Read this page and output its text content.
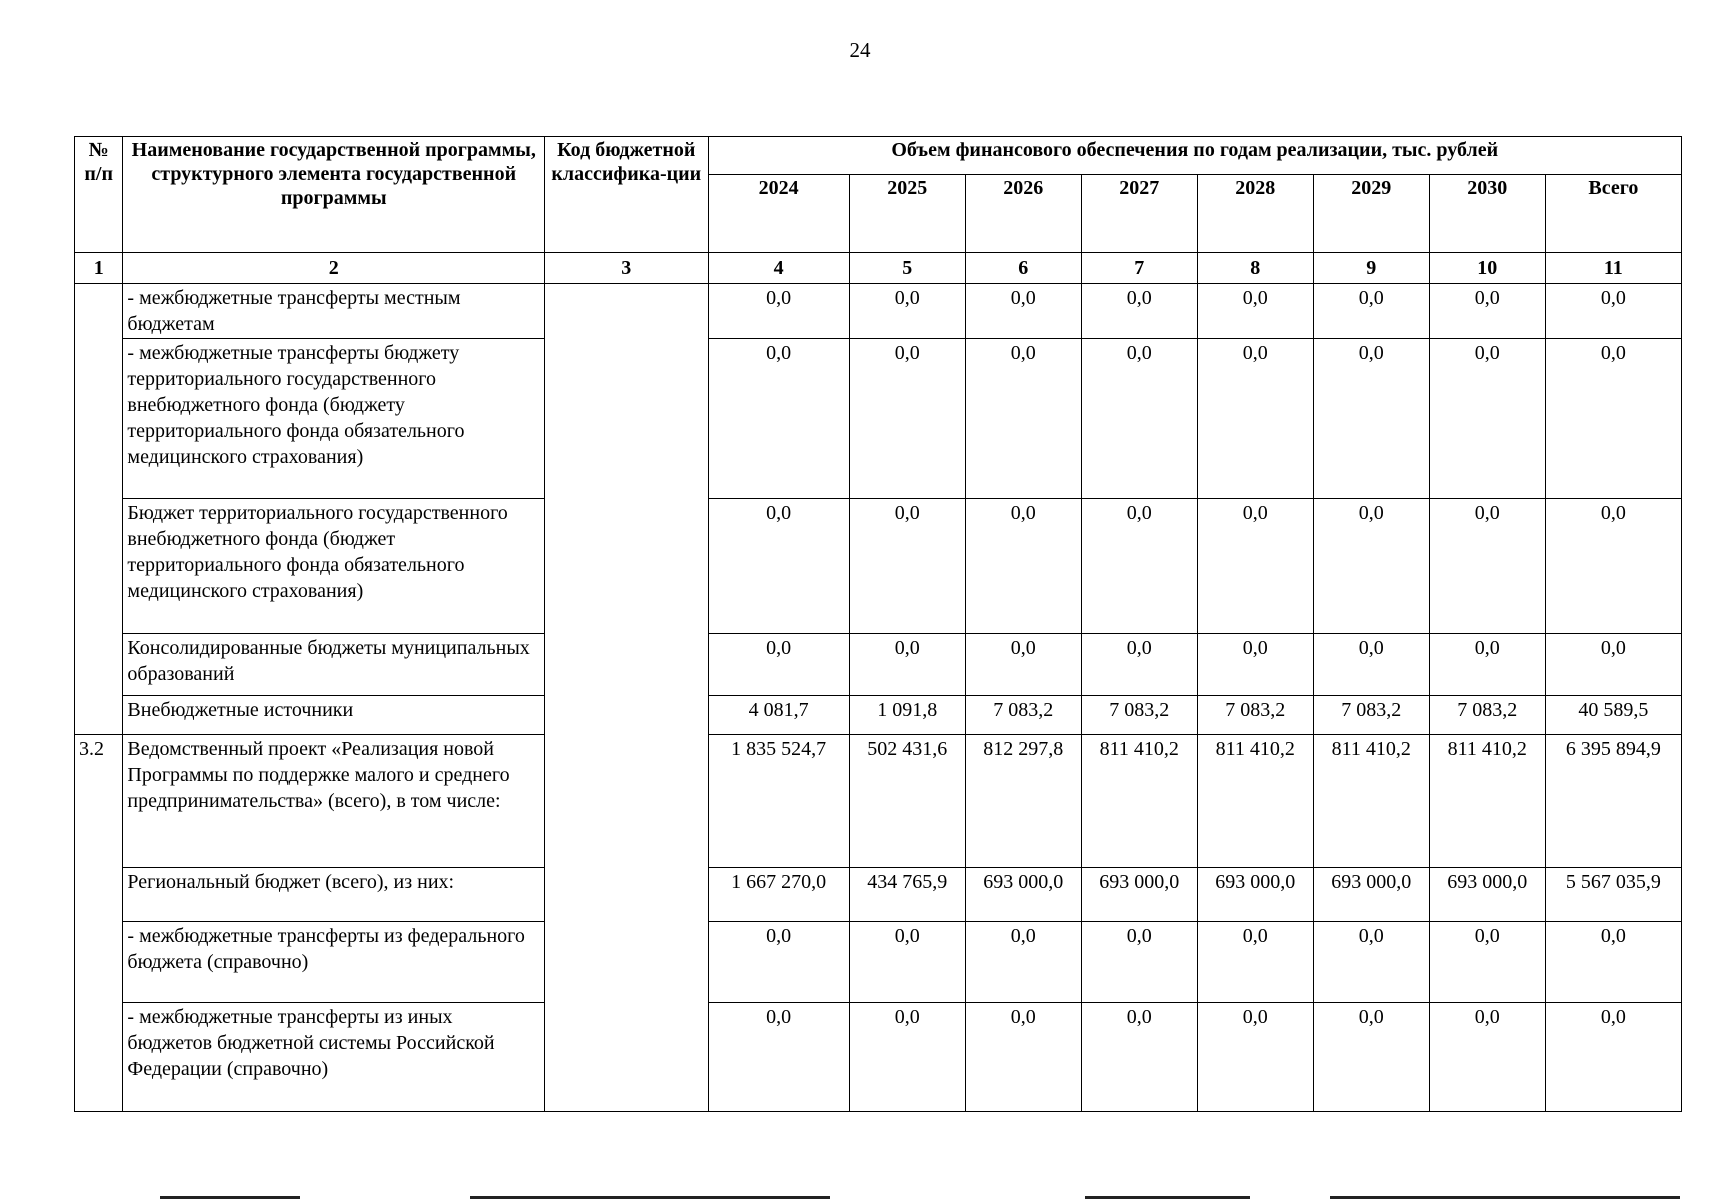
24
№ п/п	Наименование государственной программы, структурного элемента государственной программы	Код бюджетной классифика-ции	Объем финансового обеспечения по годам реализации, тыс. рублей							
			2024	2025	2026	2027	2028	2029	2030	Всего
1	2	3	4	5	6	7	8	9	10	11
	- межбюджетные трансферты местным бюджетам		0,0	0,0	0,0	0,0	0,0	0,0	0,0	0,0
	- межбюджетные трансферты бюджету территориального государственного внебюджетного фонда (бюджету территориального фонда обязательного медицинского страхования)		0,0	0,0	0,0	0,0	0,0	0,0	0,0	0,0
	Бюджет территориального государственного внебюджетного фонда (бюджет территориального фонда обязательного медицинского страхования)		0,0	0,0	0,0	0,0	0,0	0,0	0,0	0,0
	Консолидированные бюджеты муниципальных образований		0,0	0,0	0,0	0,0	0,0	0,0	0,0	0,0
	Внебюджетные источники		4 081,7	1 091,8	7 083,2	7 083,2	7 083,2	7 083,2	7 083,2	40 589,5
3.2	Ведомственный проект «Реализация новой Программы по поддержке малого и среднего предпринимательства» (всего), в том числе:		1 835 524,7	502 431,6	812 297,8	811 410,2	811 410,2	811 410,2	811 410,2	6 395 894,9
	Региональный бюджет (всего), из них:		1 667 270,0	434 765,9	693 000,0	693 000,0	693 000,0	693 000,0	693 000,0	5 567 035,9
	- межбюджетные трансферты из федерального бюджета (справочно)		0,0	0,0	0,0	0,0	0,0	0,0	0,0	0,0
	- межбюджетные трансферты из иных бюджетов бюджетной системы Российской Федерации (справочно)		0,0	0,0	0,0	0,0	0,0	0,0	0,0	0,0
